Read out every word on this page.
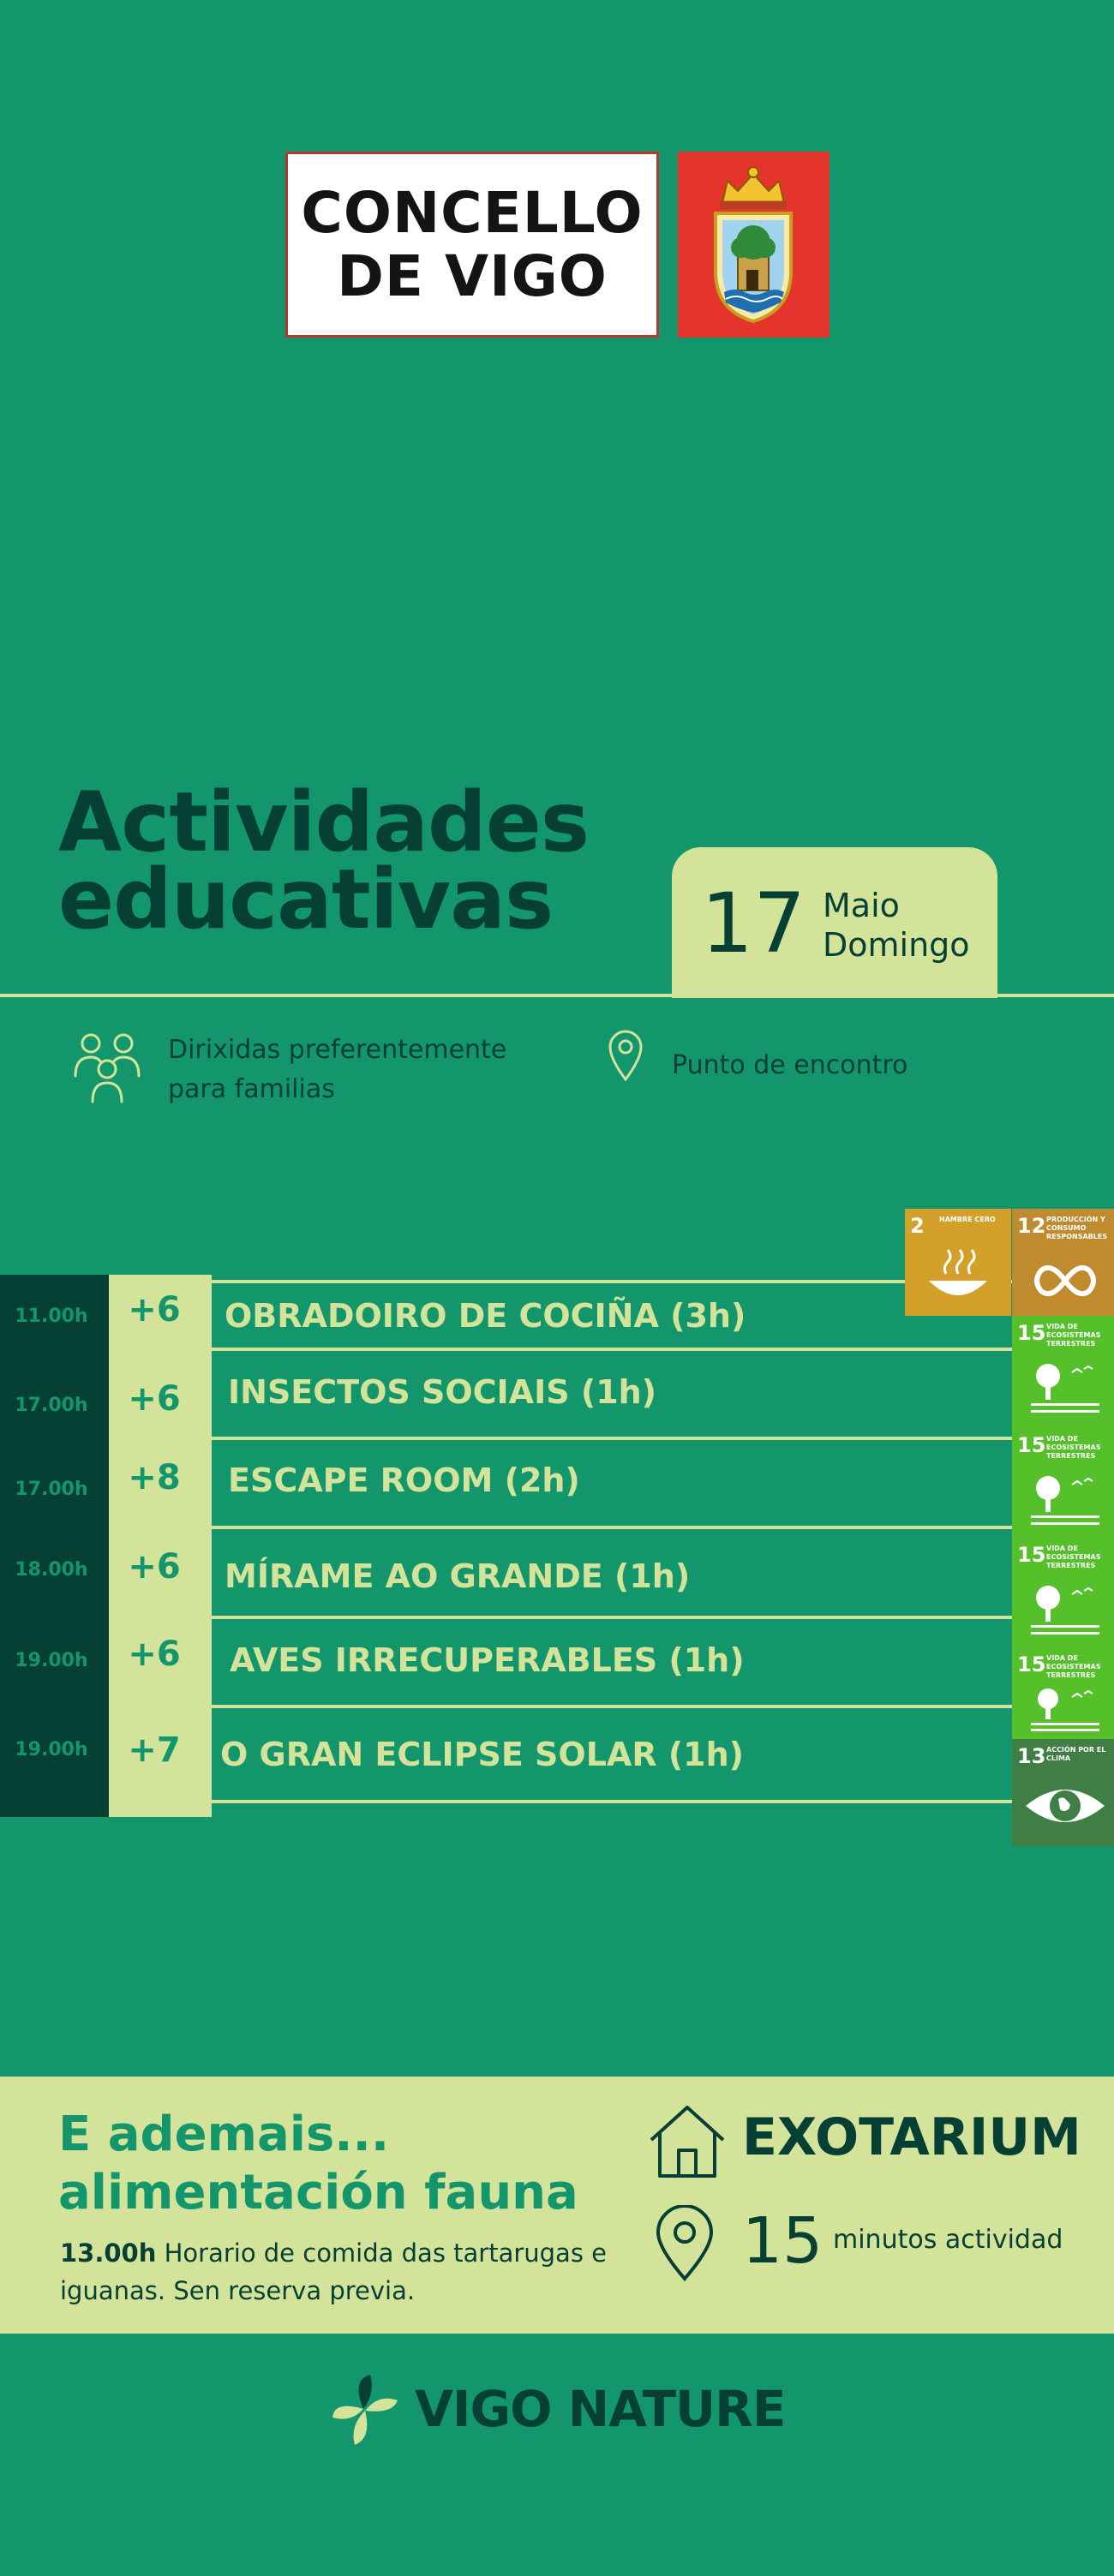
CONCELLO
DE VIGO
Actividades
educativas	17 Maio
Domingo
Dirixidas preferentemente
para familias
Punto de encontro
11.00h	+6	OBRADOIRO DE COCIÑA (3h)
17.00h	+6	INSECTOS SOCIAIS (1h)
17.00h	+8	ESCAPE ROOM (2h)
18.00h	+6	MÍRAME AO GRANDE (1h)
19.00h	+6	AVES IRRECUPERABLES (1h)
19.00h	+7	O GRAN ECLIPSE SOLAR (1h)
2 HAMBRE CERO	12 PRODUCCIÓN Y CONSUMO RESPONSABLES
15 VIDA DE ECOSISTEMAS TERRESTRES
15 VIDA DE ECOSISTEMAS TERRESTRES
15 VIDA DE ECOSISTEMAS TERRESTRES
15 VIDA DE ECOSISTEMAS TERRESTRES
13 ACCIÓN POR EL CLIMA
E ademais...
alimentación fauna
13.00h Horario de comida das tartarugas e iguanas. Sen reserva previa.
EXOTARIUM
15 minutos actividad
VIGO NATURE
